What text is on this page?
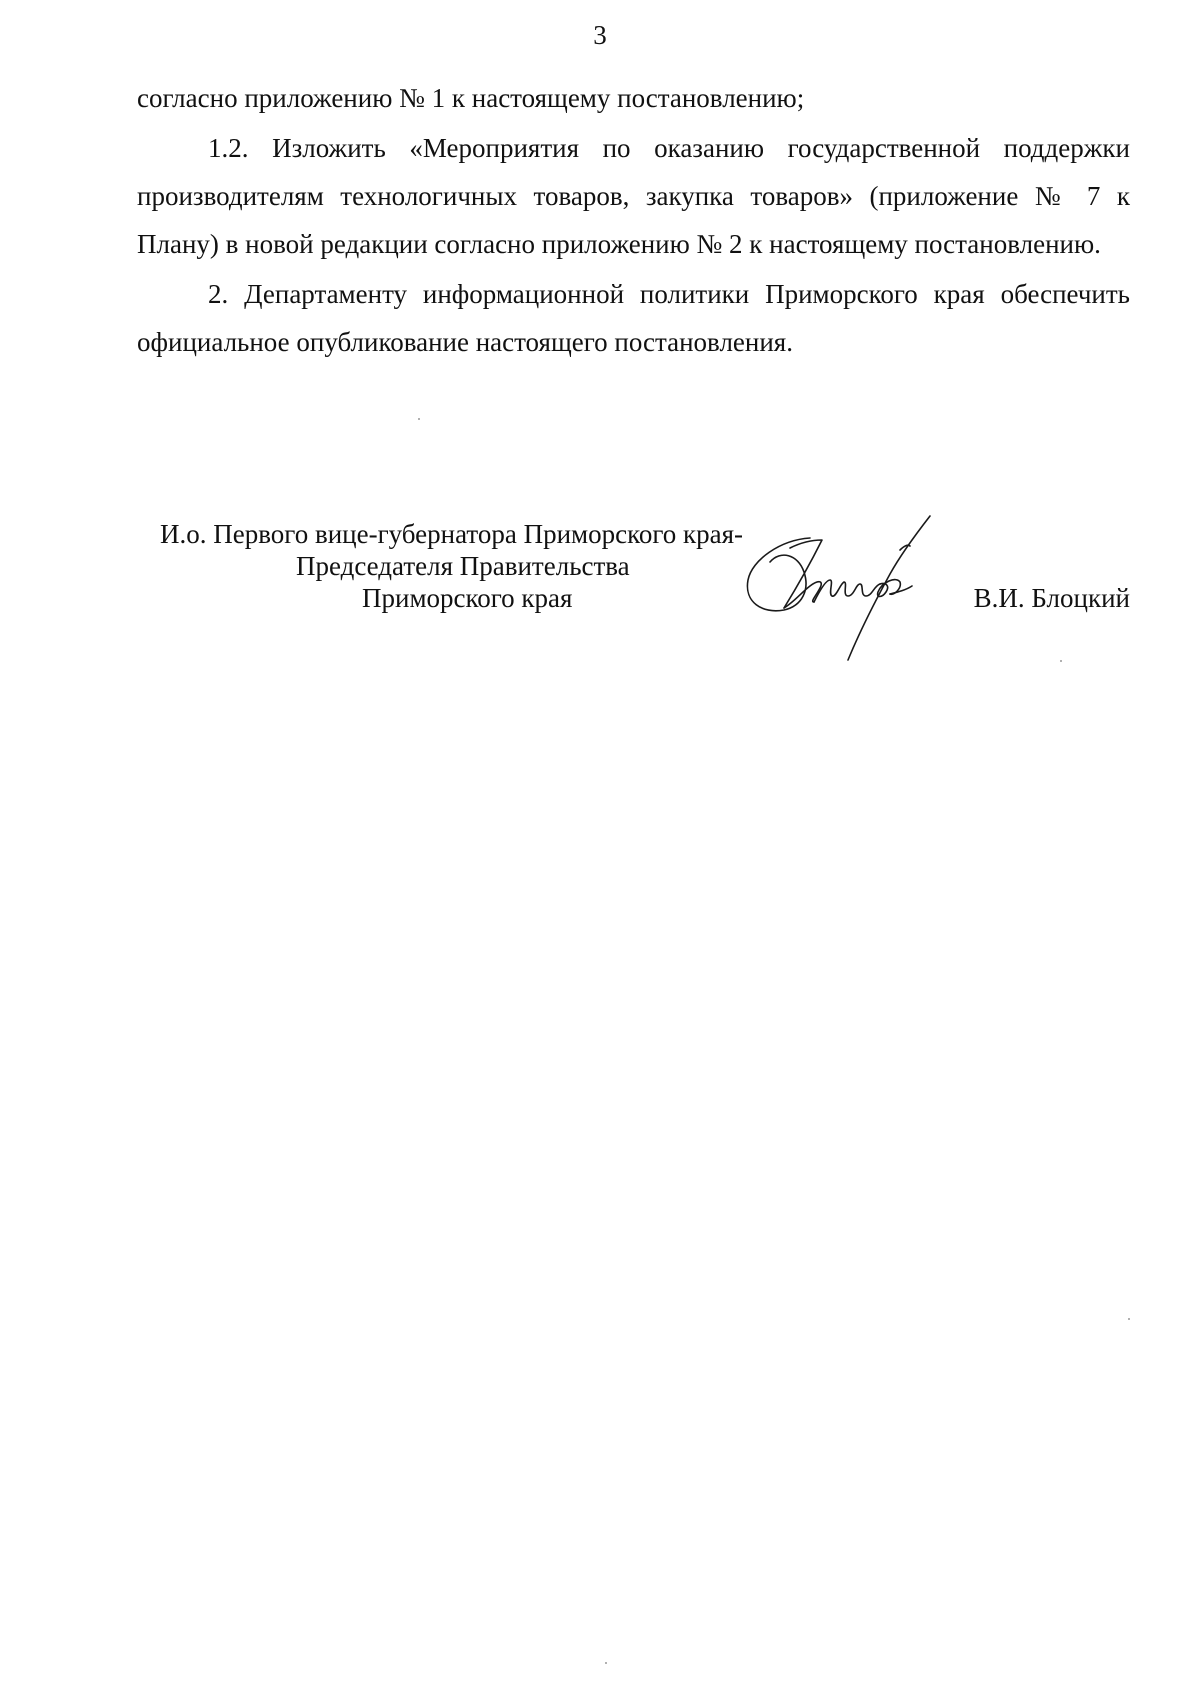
3

согласно приложению № 1 к настоящему постановлению;

1.2. Изложить «Мероприятия по оказанию государственной поддержки производителям технологичных товаров, закупка товаров» (приложение № 7 к Плану) в новой редакции согласно приложению № 2 к настоящему постановлению.

2. Департаменту информационной политики Приморского края обеспечить официальное опубликование настоящего постановления.

И.о. Первого вице-губернатора Приморского края-
Председателя Правительства
Приморского края	В.И. Блоцкий
